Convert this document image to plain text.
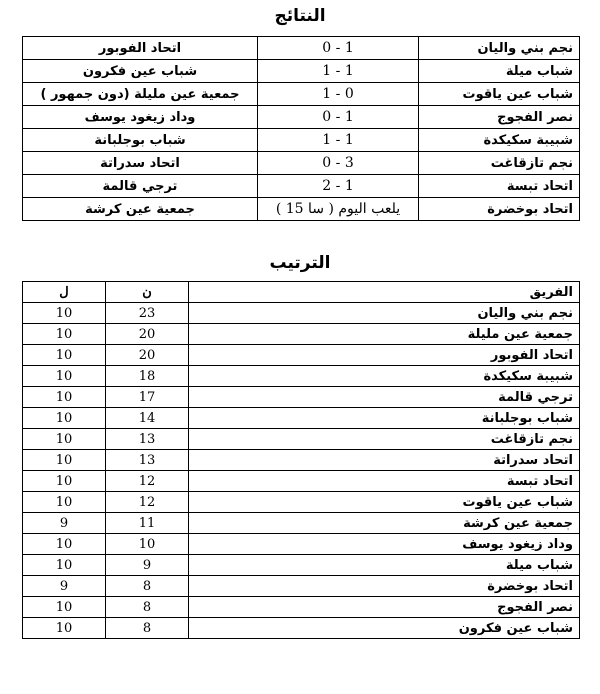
النتائج
نجم بني واليان	1 - 0	اتحاد الفوبور
شباب ميلة	1 - 1	شباب عين فكرون
شباب عين ياقوت	0 - 1	جمعية عين مليلة (دون جمهور )
نصر الفجوج	1 - 0	وداد زيغود يوسف
شبيبة سكيكدة	1 - 1	شباب بوجلبانة
نجم تازقاغت	3 - 0	اتحاد سدراتة
اتحاد تبسة	1 - 2	ترجي قالمة
اتحاد بوخضرة	يلعب اليوم ( سا 15 )	جمعية عين كرشة
الترتيب
الفريق	ن	ل
نجم بني واليان	23	10
جمعية عين مليلة	20	10
اتحاد الفوبور	20	10
شبيبة سكيكدة	18	10
ترجي قالمة	17	10
شباب بوجلبانة	14	10
نجم تازقاغت	13	10
اتحاد سدراتة	13	10
اتحاد تبسة	12	10
شباب عين ياقوت	12	10
جمعية عين كرشة	11	9
وداد زيغود يوسف	10	10
شباب ميلة	9	10
اتحاد بوخضرة	8	9
نصر الفجوج	8	10
شباب عين فكرون	8	10
